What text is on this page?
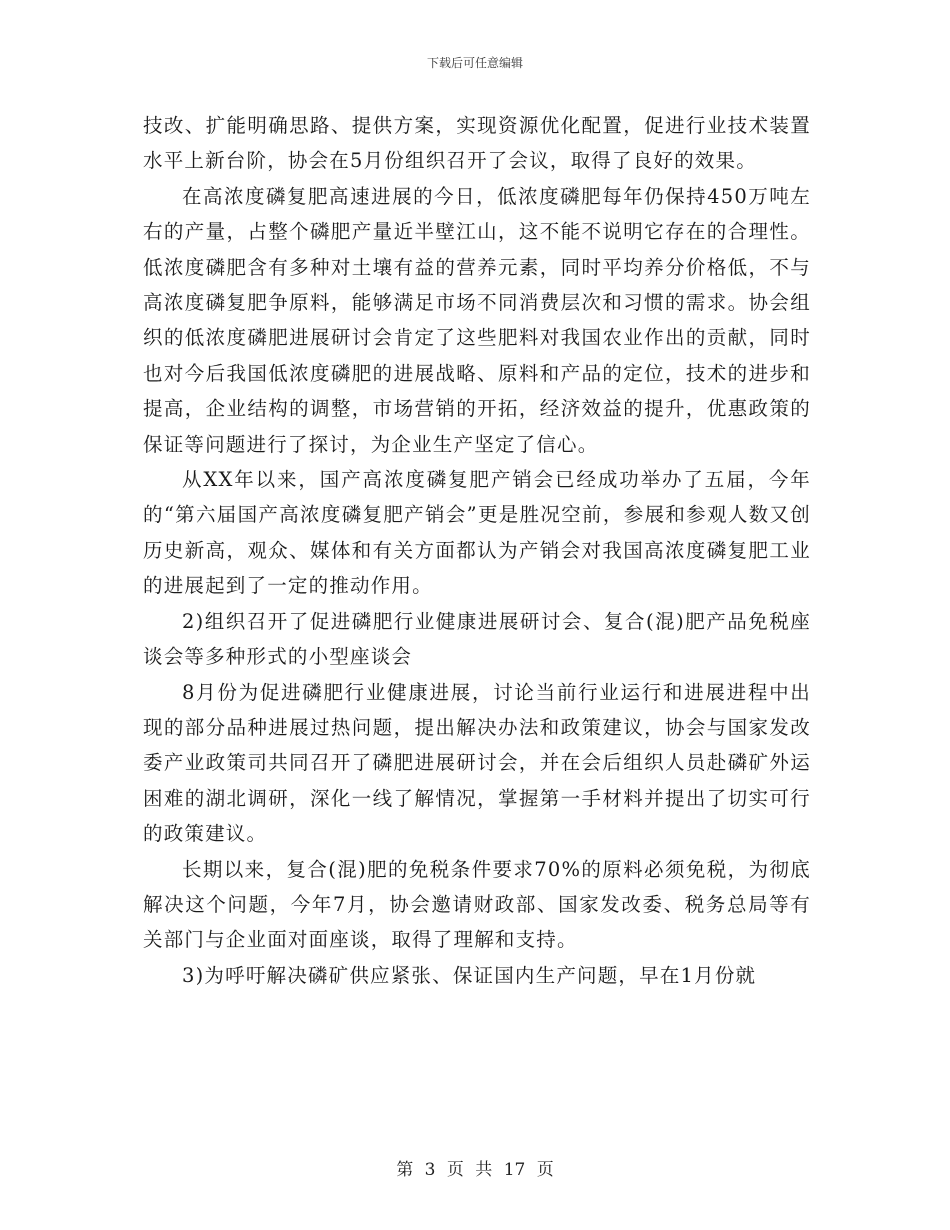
下载后可任意编辑

技改、扩能明确思路、提供方案，实现资源优化配置，促进行业技术装置水平上新台阶，协会在5月份组织召开了会议，取得了良好的效果。

在高浓度磷复肥高速进展的今日，低浓度磷肥每年仍保持450万吨左右的产量，占整个磷肥产量近半壁江山，这不能不说明它存在的合理性。低浓度磷肥含有多种对土壤有益的营养元素，同时平均养分价格低，不与高浓度磷复肥争原料，能够满足市场不同消费层次和习惯的需求。协会组织的低浓度磷肥进展研讨会肯定了这些肥料对我国农业作出的贡献，同时也对今后我国低浓度磷肥的进展战略、原料和产品的定位，技术的进步和提高，企业结构的调整，市场营销的开拓，经济效益的提升，优惠政策的保证等问题进行了探讨，为企业生产坚定了信心。

从XX年以来，国产高浓度磷复肥产销会已经成功举办了五届，今年的“第六届国产高浓度磷复肥产销会”更是胜况空前，参展和参观人数又创历史新高，观众、媒体和有关方面都认为产销会对我国高浓度磷复肥工业的进展起到了一定的推动作用。

2)组织召开了促进磷肥行业健康进展研讨会、复合(混)肥产品免税座谈会等多种形式的小型座谈会

8月份为促进磷肥行业健康进展，讨论当前行业运行和进展进程中出现的部分品种进展过热问题，提出解决办法和政策建议，协会与国家发改委产业政策司共同召开了磷肥进展研讨会，并在会后组织人员赴磷矿外运困难的湖北调研，深化一线了解情况，掌握第一手材料并提出了切实可行的政策建议。

长期以来，复合(混)肥的免税条件要求70%的原料必须免税，为彻底解决这个问题，今年7月，协会邀请财政部、国家发改委、税务总局等有关部门与企业面对面座谈，取得了理解和支持。

3)为呼吁解决磷矿供应紧张、保证国内生产问题，早在1月份就

第 3 页 共 17 页
